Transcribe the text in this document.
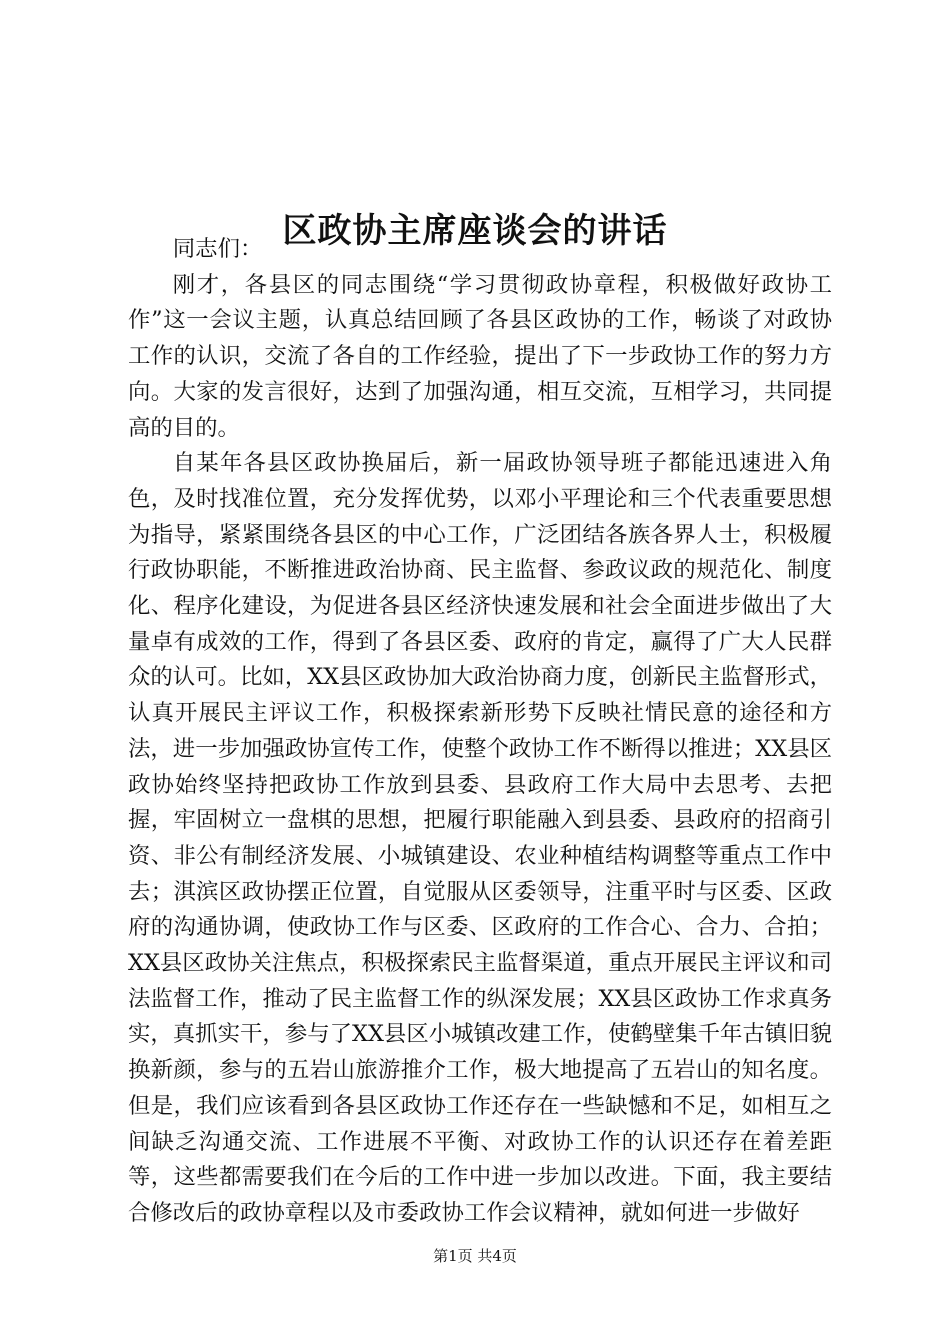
区政协主席座谈会的讲话

同志们：

刚才，各县区的同志围绕“学习贯彻政协章程，积极做好政协工作”这一会议主题，认真总结回顾了各县区政协的工作，畅谈了对政协工作的认识，交流了各自的工作经验，提出了下一步政协工作的努力方向。大家的发言很好，达到了加强沟通，相互交流，互相学习，共同提高的目的。

自某年各县区政协换届后，新一届政协领导班子都能迅速进入角色，及时找准位置，充分发挥优势，以邓小平理论和三个代表重要思想为指导，紧紧围绕各县区的中心工作，广泛团结各族各界人士，积极履行政协职能，不断推进政治协商、民主监督、参政议政的规范化、制度化、程序化建设，为促进各县区经济快速发展和社会全面进步做出了大量卓有成效的工作，得到了各县区委、政府的肯定，赢得了广大人民群众的认可。比如，XX县区政协加大政治协商力度，创新民主监督形式，认真开展民主评议工作，积极探索新形势下反映社情民意的途径和方法，进一步加强政协宣传工作，使整个政协工作不断得以推进；XX县区政协始终坚持把政协工作放到县委、县政府工作大局中去思考、去把握，牢固树立一盘棋的思想，把履行职能融入到县委、县政府的招商引资、非公有制经济发展、小城镇建设、农业种植结构调整等重点工作中去；淇滨区政协摆正位置，自觉服从区委领导，注重平时与区委、区政府的沟通协调，使政协工作与区委、区政府的工作合心、合力、合拍；XX县区政协关注焦点，积极探索民主监督渠道，重点开展民主评议和司法监督工作，推动了民主监督工作的纵深发展；XX县区政协工作求真务实，真抓实干，参与了XX县区小城镇改建工作，使鹤壁集千年古镇旧貌换新颜，参与的五岩山旅游推介工作，极大地提高了五岩山的知名度。但是，我们应该看到各县区政协工作还存在一些缺憾和不足，如相互之间缺乏沟通交流、工作进展不平衡、对政协工作的认识还存在着差距等，这些都需要我们在今后的工作中进一步加以改进。下面，我主要结合修改后的政协章程以及市委政协工作会议精神，就如何进一步做好

第1页 共4页
